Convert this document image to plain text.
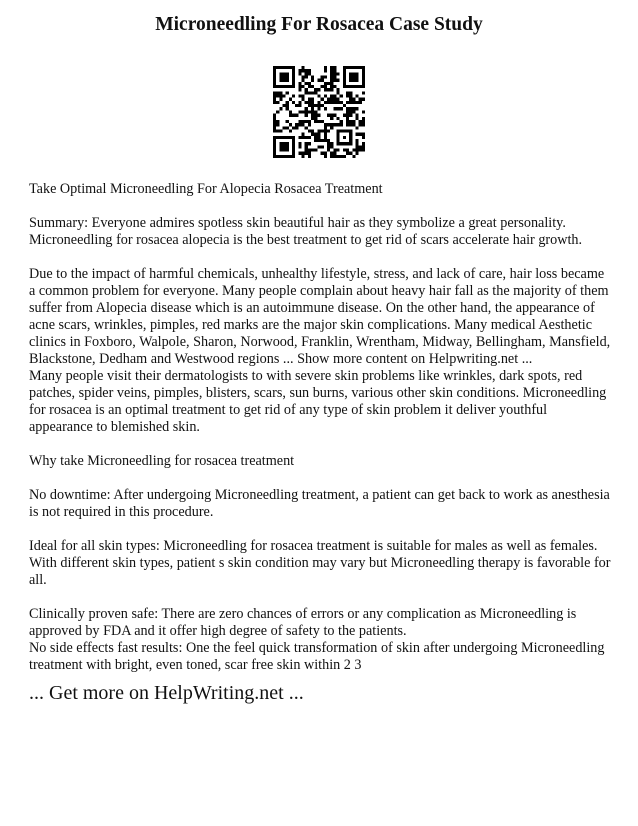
Microneedling For Rosacea Case Study

Take Optimal Microneedling For Alopecia Rosacea Treatment

Summary: Everyone admires spotless skin beautiful hair as they symbolize a great personality.
Microneedling for rosacea alopecia is the best treatment to get rid of scars accelerate hair growth.

Due to the impact of harmful chemicals, unhealthy lifestyle, stress, and lack of care, hair loss became
a common problem for everyone. Many people complain about heavy hair fall as the majority of them
suffer from Alopecia disease which is an autoimmune disease. On the other hand, the appearance of
acne scars, wrinkles, pimples, red marks are the major skin complications. Many medical Aesthetic
clinics in Foxboro, Walpole, Sharon, Norwood, Franklin, Wrentham, Midway, Bellingham, Mansfield,
Blackstone, Dedham and Westwood regions ... Show more content on Helpwriting.net ...

Many people visit their dermatologists to with severe skin problems like wrinkles, dark spots, red
patches, spider veins, pimples, blisters, scars, sun burns, various other skin conditions. Microneedling
for rosacea is an optimal treatment to get rid of any type of skin problem it deliver youthful
appearance to blemished skin.

Why take Microneedling for rosacea treatment

No downtime: After undergoing Microneedling treatment, a patient can get back to work as anesthesia
is not required in this procedure.

Ideal for all skin types: Microneedling for rosacea treatment is suitable for males as well as females.
With different skin types, patient s skin condition may vary but Microneedling therapy is favorable for
all.

Clinically proven safe: There are zero chances of errors or any complication as Microneedling is
approved by FDA and it offer high degree of safety to the patients.

No side effects fast results: One the feel quick transformation of skin after undergoing Microneedling
treatment with bright, even toned, scar free skin within 2 3

... Get more on HelpWriting.net ...
